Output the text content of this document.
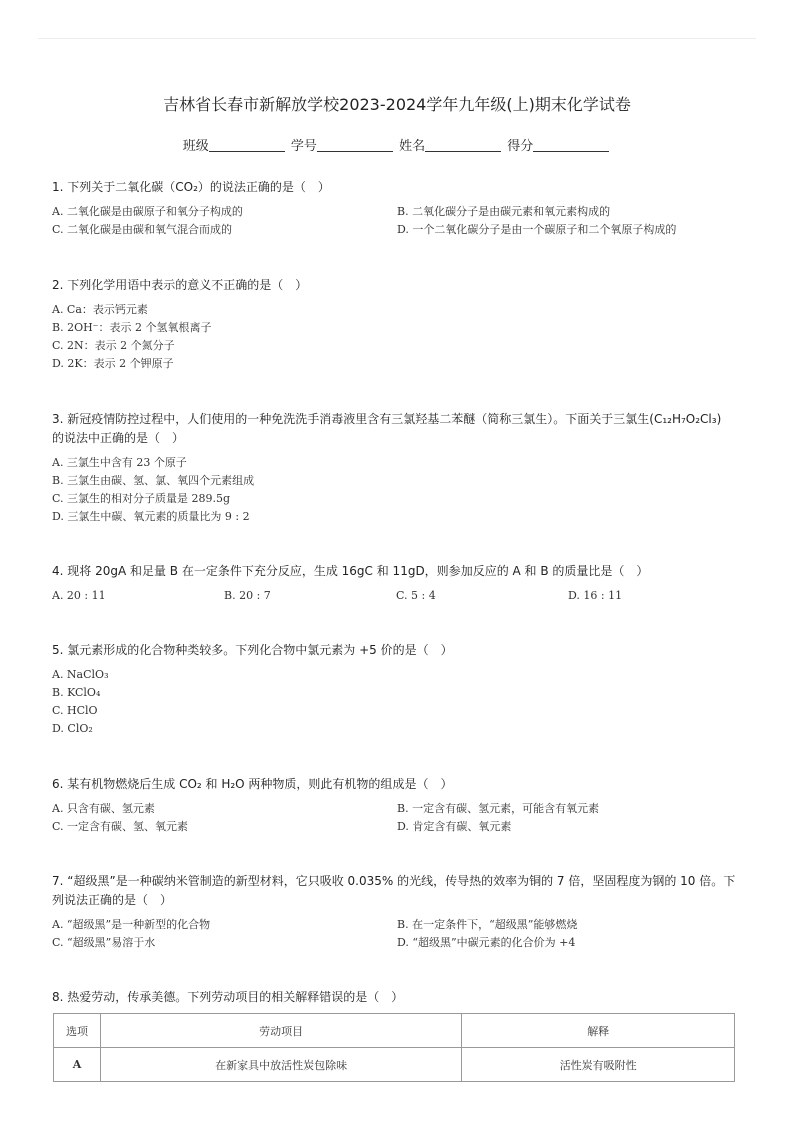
吉林省长春市新解放学校2023-2024学年九年级(上)期末化学试卷
班级	学号	姓名	得分
1. 下列关于二氧化碳（CO₂）的说法正确的是（　）
A. 二氧化碳是由碳原子和氧分子构成的	B. 二氧化碳分子是由碳元素和氧元素构成的
C. 二氧化碳是由碳和氧气混合而成的	D. 一个二氧化碳分子是由一个碳原子和二个氧原子构成的
2. 下列化学用语中表示的意义不正确的是（　）
A. Ca：表示钙元素
B. 2OH⁻：表示 2 个氢氧根离子
C. 2N：表示 2 个氮分子
D. 2K：表示 2 个钾原子
3. 新冠疫情防控过程中，人们使用的一种免洗洗手消毒液里含有三氯羟基二苯醚（简称三氯生）。下面关于三氯生(C₁₂H₇O₂Cl₃)
的说法中正确的是（　）
A. 三氯生中含有 23 个原子
B. 三氯生由碳、氢、氯、氧四个元素组成
C. 三氯生的相对分子质量是 289.5g
D. 三氯生中碳、氧元素的质量比为 9 : 2
4. 现将 20gA 和足量 B 在一定条件下充分反应，生成 16gC 和 11gD，则参加反应的 A 和 B 的质量比是（　）
A. 20 : 11	B. 20 : 7	C. 5 : 4	D. 16 : 11
5. 氯元素形成的化合物种类较多。下列化合物中氯元素为 +5 价的是（　）
A. NaClO₃
B. KClO₄
C. HClO
D. ClO₂
6. 某有机物燃烧后生成 CO₂ 和 H₂O 两种物质，则此有机物的组成是（　）
A. 只含有碳、氢元素	B. 一定含有碳、氢元素，可能含有氧元素
C. 一定含有碳、氢、氧元素	D. 肯定含有碳、氧元素
7. “超级黑”是一种碳纳米管制造的新型材料，它只吸收 0.035% 的光线，传导热的效率为铜的 7 倍，坚固程度为钢的 10 倍。下
列说法正确的是（　）
A. “超级黑”是一种新型的化合物	B. 在一定条件下，“超级黑”能够燃烧
C. “超级黑”易溶于水	D. “超级黑”中碳元素的化合价为 +4
8. 热爱劳动，传承美德。下列劳动项目的相关解释错误的是（　）
选项	劳动项目	解释
A	在新家具中放活性炭包除味	活性炭有吸附性
